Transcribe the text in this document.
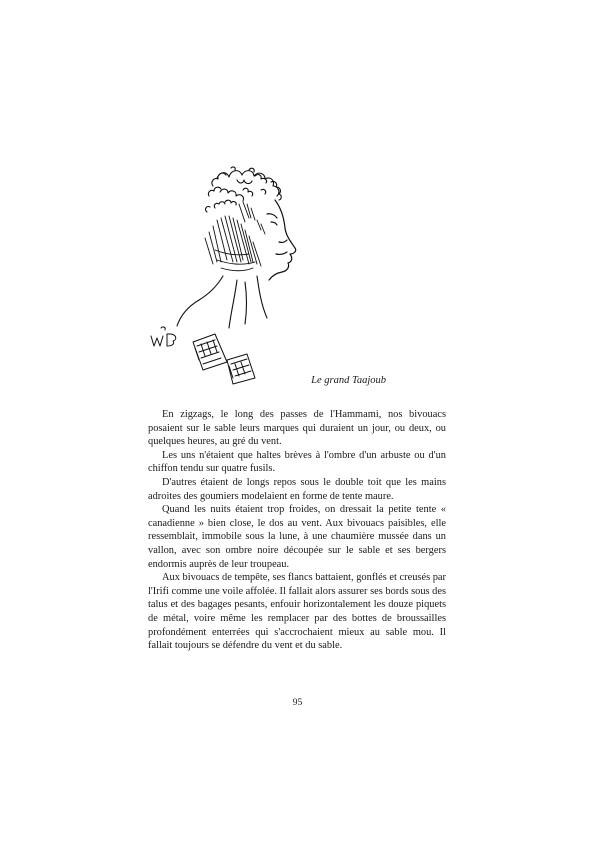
Le grand Taajoub

En zigzags, le long des passes de l'Hammami, nos bivouacs posaient sur le sable leurs marques qui duraient un jour, ou deux, ou quelques heures, au gré du vent.

Les uns n'étaient que haltes brèves à l'ombre d'un arbuste ou d'un chiffon tendu sur quatre fusils.

D'autres étaient de longs repos sous le double toit que les mains adroites des goumiers modelaient en forme de tente maure.

Quand les nuits étaient trop froides, on dressait la petite tente « canadienne » bien close, le dos au vent. Aux bivouacs paisibles, elle ressemblait, immobile sous la lune, à une chaumière mussée dans un vallon, avec son ombre noire découpée sur le sable et ses bergers endormis auprès de leur troupeau.

Aux bivouacs de tempête, ses flancs battaient, gonflés et creusés par l'Irifi comme une voile affolée. Il fallait alors assurer ses bords sous des talus et des bagages pesants, enfouir horizontalement les douze piquets de métal, voire même les remplacer par des bottes de broussailles profondément enterrées qui s'accrochaient mieux au sable mou. Il fallait toujours se défendre du vent et du sable.

95
